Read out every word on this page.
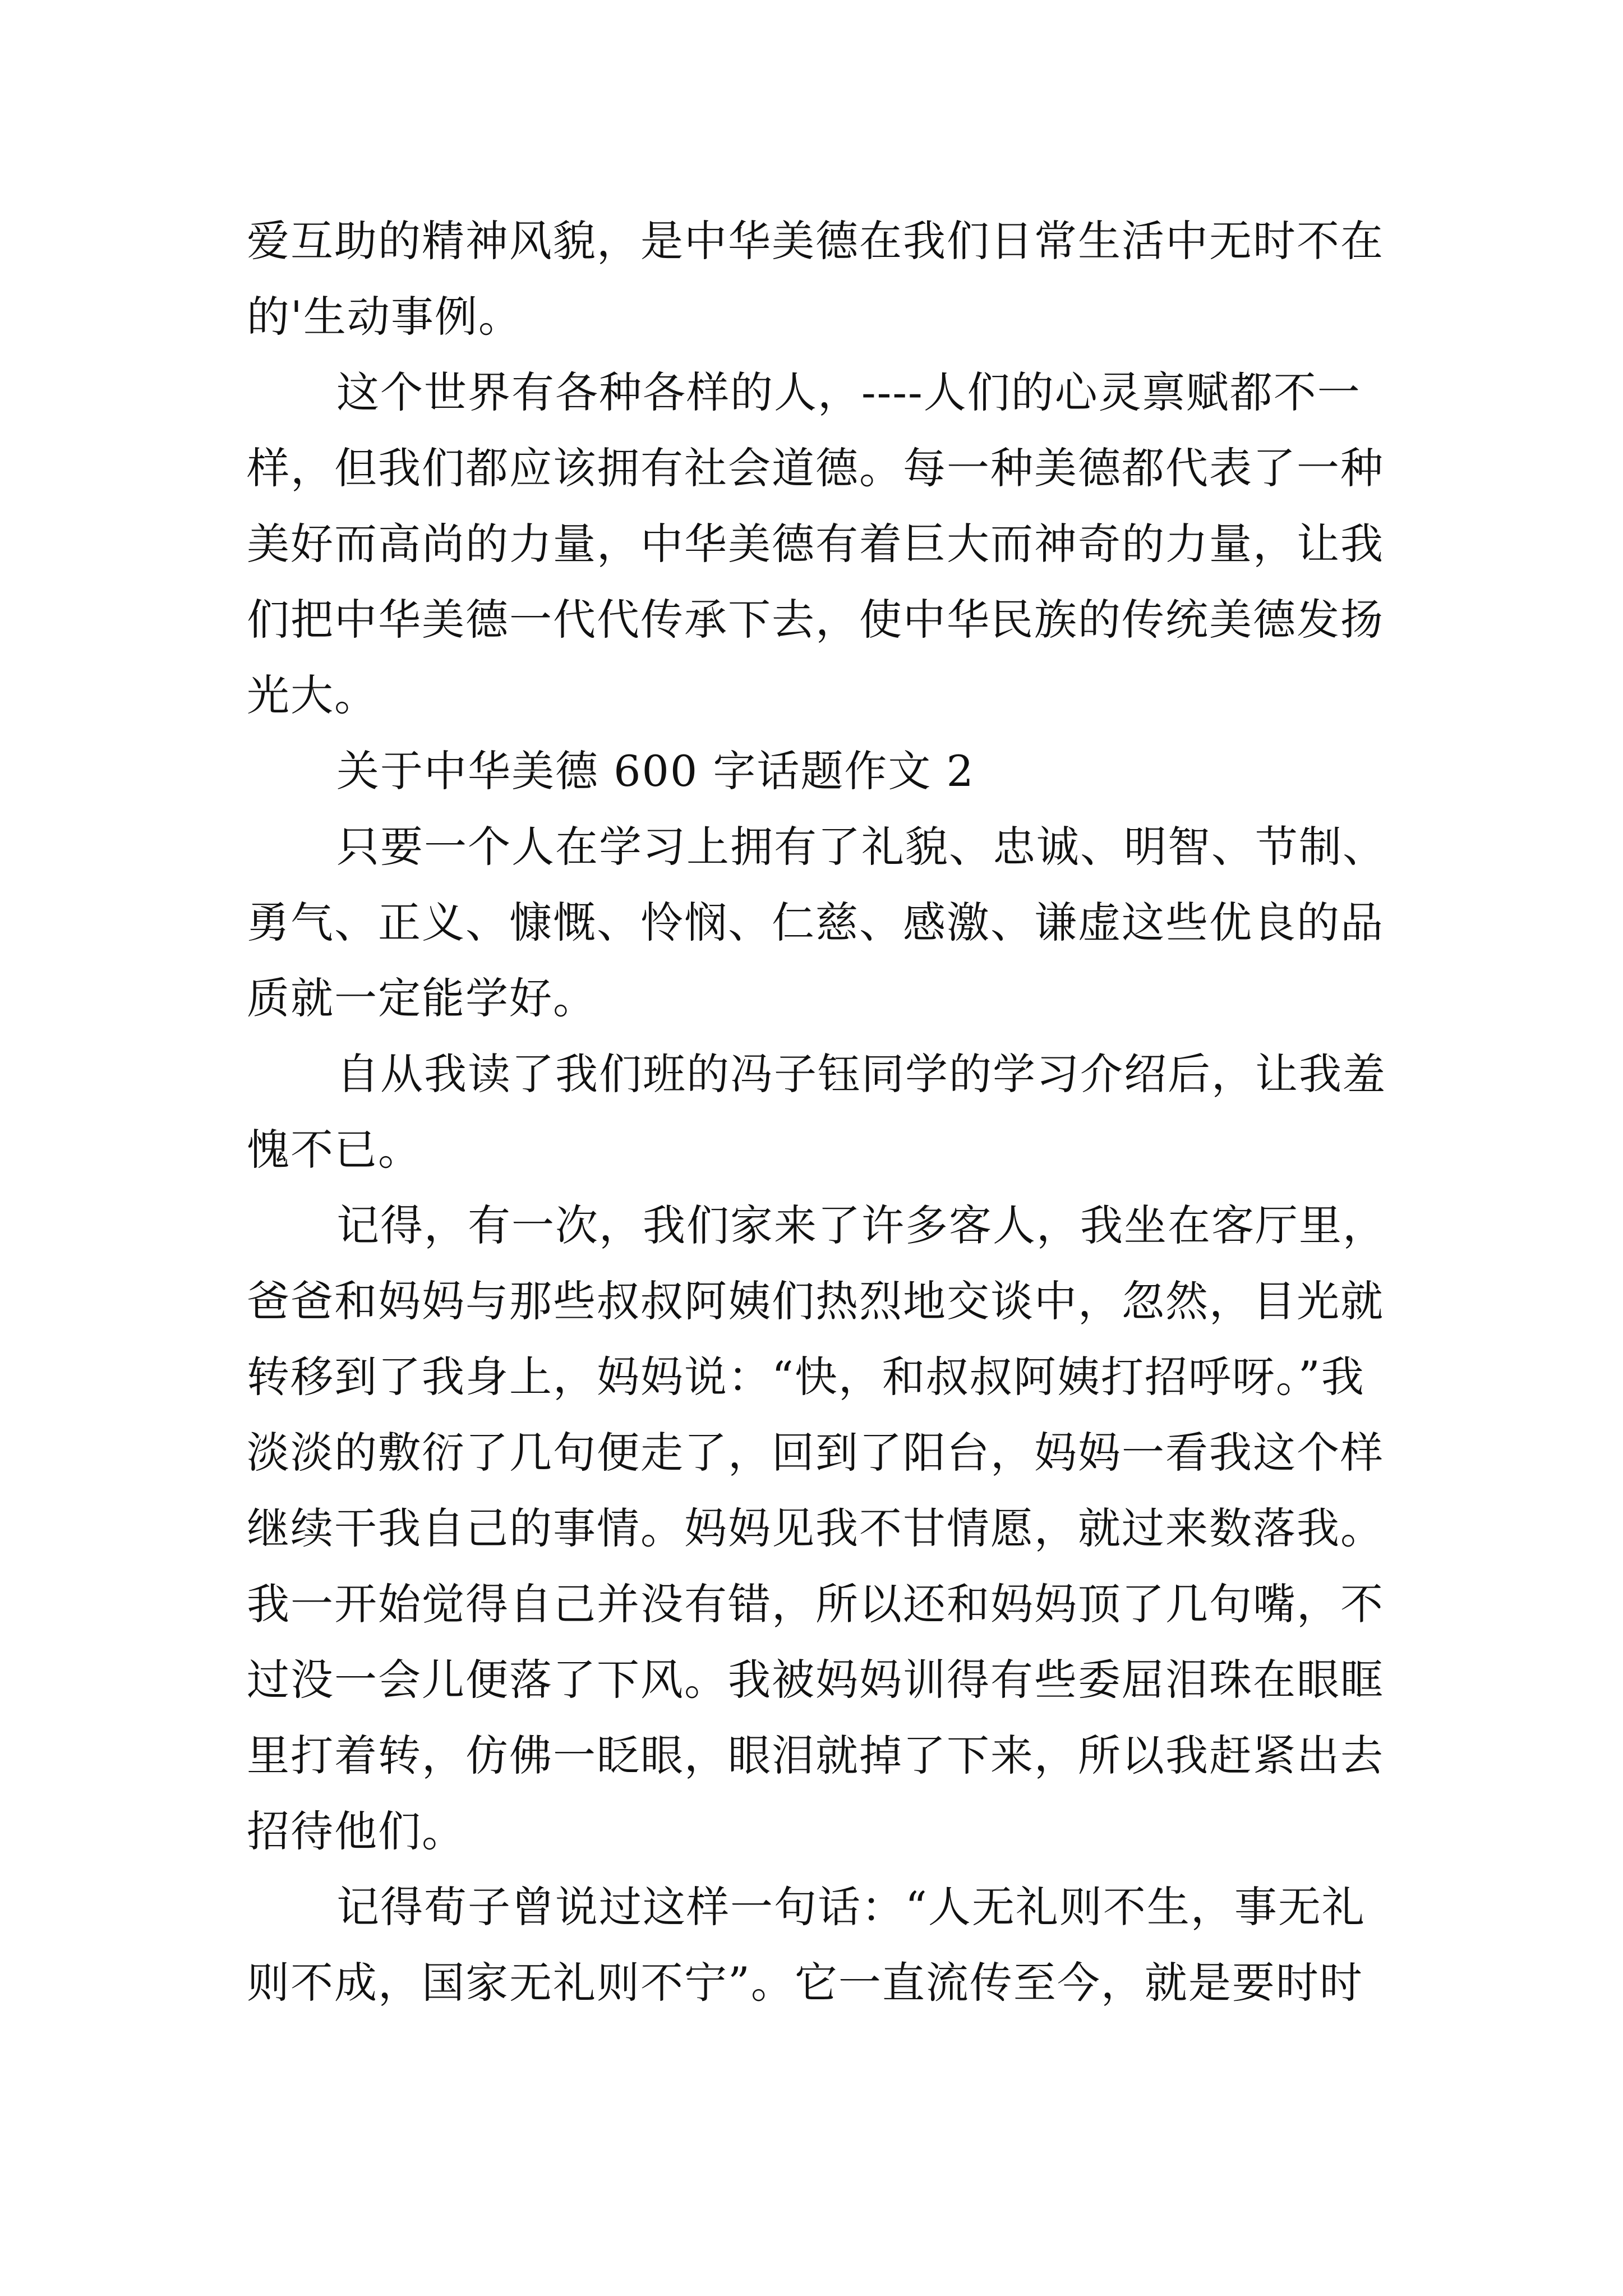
爱互助的精神风貌，是中华美德在我们日常生活中无时不在

的'生动事例。

这个世界有各种各样的人，----人们的心灵禀赋都不一

样，但我们都应该拥有社会道德。每一种美德都代表了一种

美好而高尚的力量，中华美德有着巨大而神奇的力量，让我

们把中华美德一代代传承下去，使中华民族的传统美德发扬

光大。

关于中华美德 600 字话题作文 2

只要一个人在学习上拥有了礼貌、忠诚、明智、节制、

勇气、正义、慷慨、怜悯、仁慈、感激、谦虚这些优良的品

质就一定能学好。

自从我读了我们班的冯子钰同学的学习介绍后，让我羞

愧不已。

记得，有一次，我们家来了许多客人，我坐在客厅里，

爸爸和妈妈与那些叔叔阿姨们热烈地交谈中，忽然，目光就

转移到了我身上，妈妈说：“快，和叔叔阿姨打招呼呀。”我

淡淡的敷衍了几句便走了，回到了阳台，妈妈一看我这个样

继续干我自己的事情。妈妈见我不甘情愿，就过来数落我。

我一开始觉得自己并没有错，所以还和妈妈顶了几句嘴，不

过没一会儿便落了下风。我被妈妈训得有些委屈泪珠在眼眶

里打着转，仿佛一眨眼，眼泪就掉了下来，所以我赶紧出去

招待他们。

记得荀子曾说过这样一句话：“人无礼则不生，事无礼

则不成，国家无礼则不宁”。它一直流传至今，就是要时时
